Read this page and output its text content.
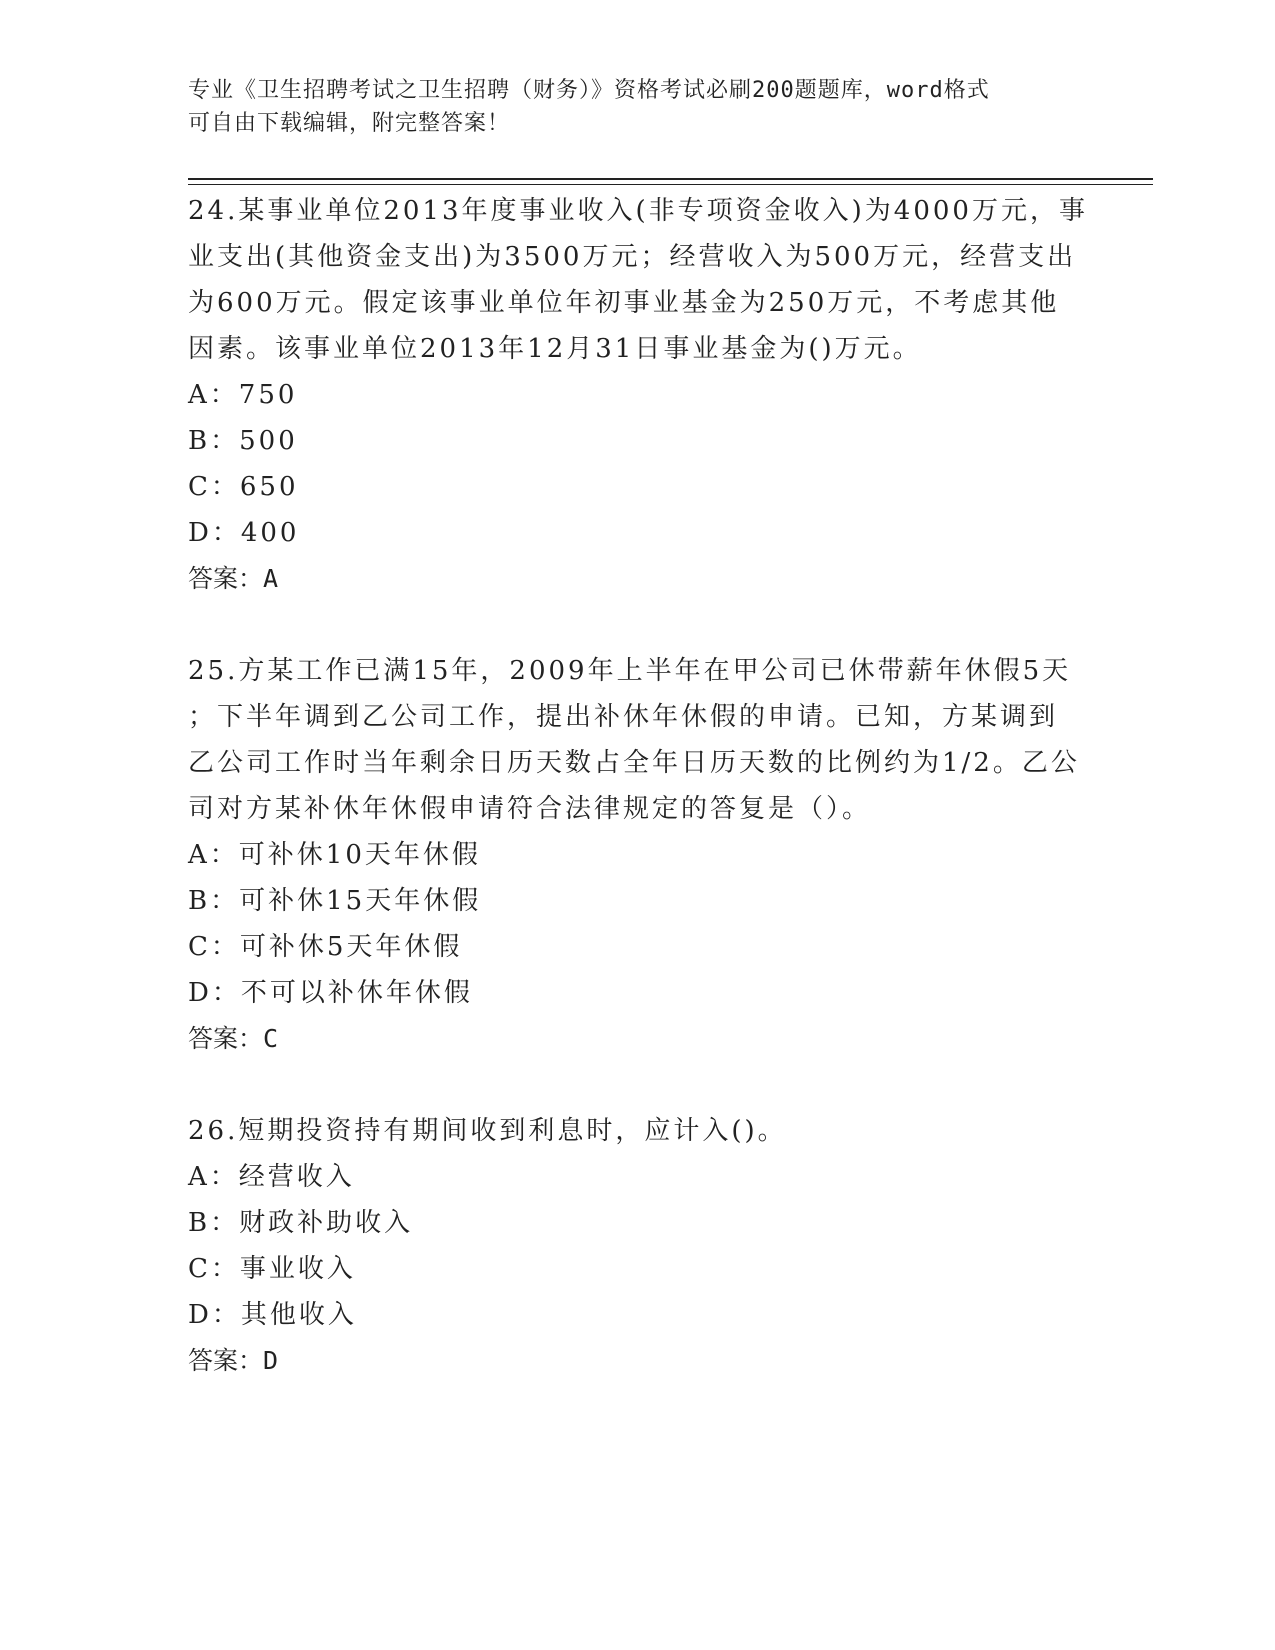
专业《卫生招聘考试之卫生招聘（财务）》资格考试必刷200题题库，word格式
可自由下载编辑，附完整答案！
24.某事业单位2013年度事业收入(非专项资金收入)为4000万元，事
业支出(其他资金支出)为3500万元；经营收入为500万元，经营支出
为600万元。假定该事业单位年初事业基金为250万元，不考虑其他
因素。该事业单位2013年12月31日事业基金为()万元。
A：750
B：500
C：650
D：400
答案：A
25.方某工作已满15年，2009年上半年在甲公司已休带薪年休假5天
；下半年调到乙公司工作，提出补休年休假的申请。已知，方某调到
乙公司工作时当年剩余日历天数占全年日历天数的比例约为1/2。乙公
司对方某补休年休假申请符合法律规定的答复是（）。
A：可补休10天年休假
B：可补休15天年休假
C：可补休5天年休假
D：不可以补休年休假
答案：C
26.短期投资持有期间收到利息时，应计入()。
A：经营收入
B：财政补助收入
C：事业收入
D：其他收入
答案：D
